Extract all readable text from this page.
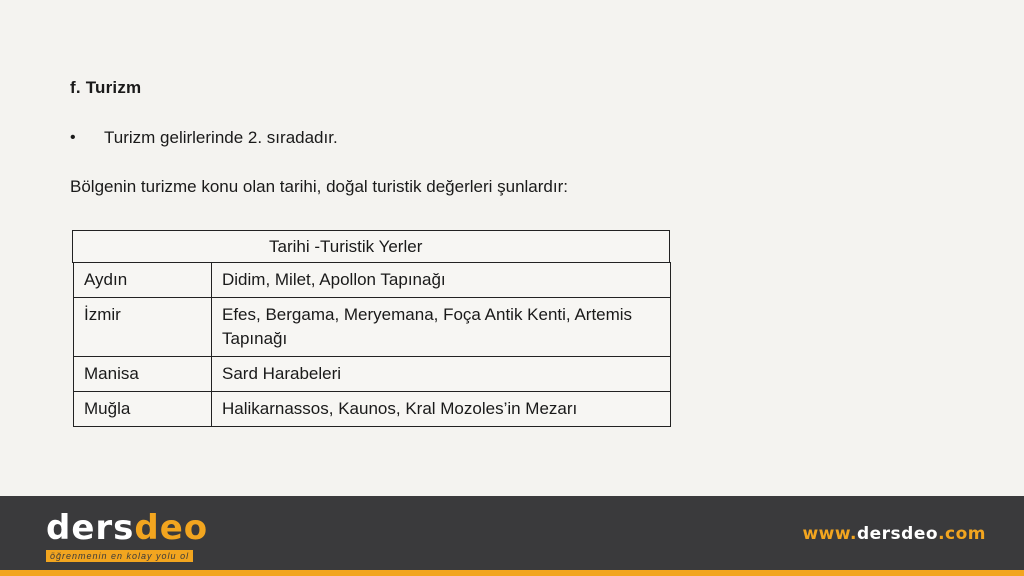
f. Turizm
•	Turizm gelirlerinde 2. sıradadır.
Bölgenin turizme konu olan tarihi, doğal turistik değerleri şunlardır:
Tarihi -Turistik Yerler
Aydın	Didim, Milet, Apollon Tapınağı
İzmir	Efes, Bergama, Meryemana, Foça Antik Kenti, Artemis Tapınağı
Manisa	Sard Harabeleri
Muğla	Halikarnassos, Kaunos, Kral Mozoles’in Mezarı
dersdeo
öğrenmenin en kolay yolu ol
www.dersdeo.com
